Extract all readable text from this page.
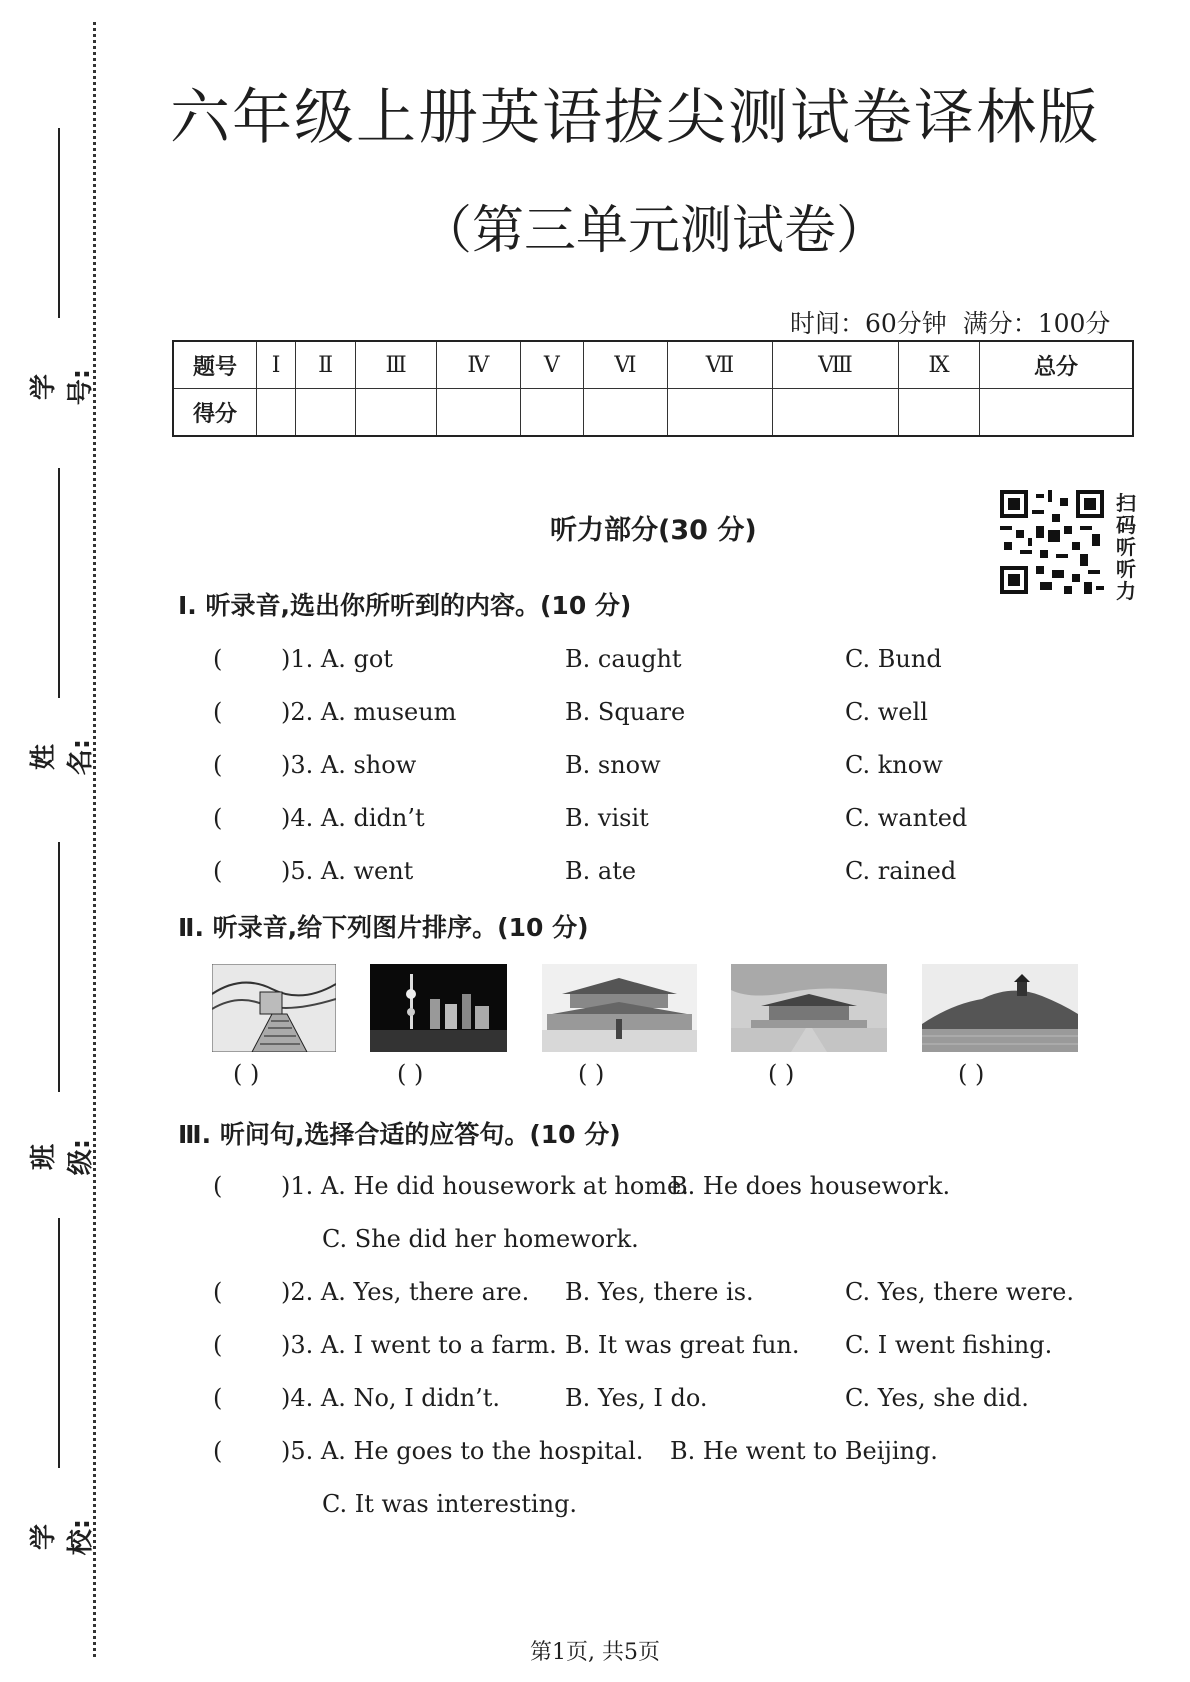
学号:
姓名:
班级:
学校:
六年级上册英语拔尖测试卷译林版
（第三单元测试卷）
时间：60分钟 满分：100分
题号	Ⅰ	Ⅱ	Ⅲ	Ⅳ	Ⅴ	Ⅵ	Ⅶ	Ⅷ	Ⅸ	总分
得分										
扫码听听力
听力部分(30 分)
Ⅰ. 听录音,选出你所听到的内容。(10 分)
( )1. A. got	B. caught	C. Bund
( )2. A. museum	B. Square	C. well
( )3. A. show	B. snow	C. know
( )4. A. didn’t	B. visit	C. wanted
( )5. A. went	B. ate	C. rained
Ⅱ. 听录音,给下列图片排序。(10 分)
( )	( )	( )	( )	( )
Ⅲ. 听问句,选择合适的应答句。(10 分)
( )1. A. He did housework at home.
B. He does housework.
C. She did her homework.
( )2. A. Yes, there are. B. Yes, there is.	C. Yes, there were.
( )3. A. I went to a farm. B. It was great fun. C. I went fishing.
( )4. A. No, I didn’t.	B. Yes, I do.	C. Yes, she did.
( )5. A. He goes to the hospital. B. He went to Beijing.
C. It was interesting.
第1页, 共5页
